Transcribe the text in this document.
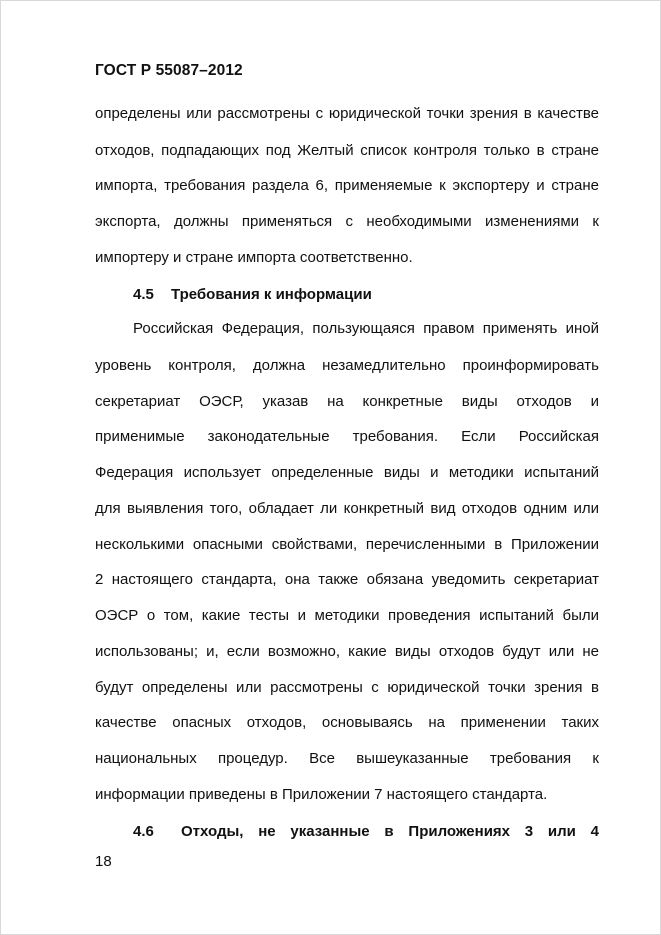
ГОСТ Р 55087–2012
определены или рассмотрены с юридической точки зрения в качестве
отходов, подпадающих под Желтый список контроля только в стране
импорта, требования раздела 6, применяемые к экспортеру и стране
экспорта, должны применяться с необходимыми изменениями к
импортеру и стране импорта соответственно.
4.5 Требования к информации
Российская Федерация, пользующаяся правом применять иной
уровень контроля, должна незамедлительно проинформировать
секретариат ОЭСР, указав на конкретные виды отходов и
применимые законодательные требования. Если Российская
Федерация использует определенные виды и методики испытаний
для выявления того, обладает ли конкретный вид отходов одним или
несколькими опасными свойствами, перечисленными в Приложении
2 настоящего стандарта, она также обязана уведомить секретариат
ОЭСР о том, какие тесты и методики проведения испытаний были
использованы; и, если возможно, какие виды отходов будут или не
будут определены или рассмотрены с юридической точки зрения в
качестве опасных отходов, основываясь на применении таких
национальных процедур. Все вышеуказанные требования к
информации приведены в Приложении 7 настоящего стандарта.
4.6	Отходы, не указанные в Приложениях 3 или 4
18
